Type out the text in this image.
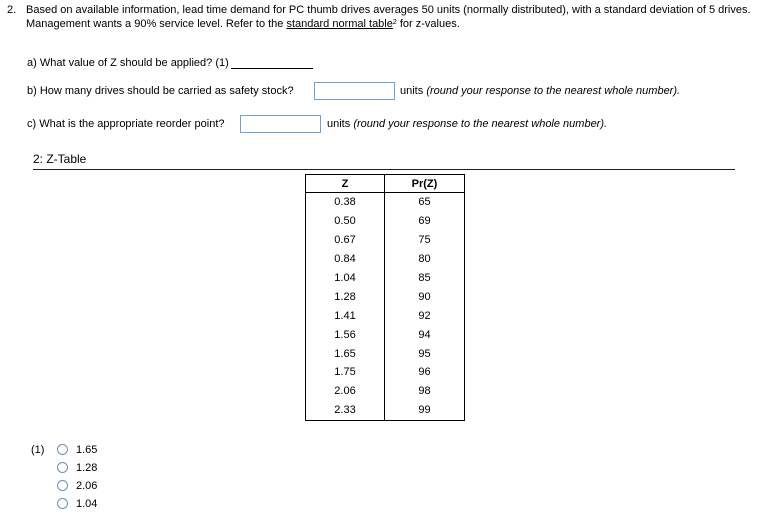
2. Based on available information, lead time demand for PC thumb drives averages 50 units (normally distributed), with a standard deviation of 5 drives. Management wants a 90% service level. Refer to the standard normal table$^2$ for z-values.
a) What value of Z should be applied? (1)
b) How many drives should be carried as safety stock?	units (round your response to the nearest whole number).
c) What is the appropriate reorder point?	units (round your response to the nearest whole number).
2: Z-Table
Z	Pr(Z)
0.38	65
0.50	69
0.67	75
0.84	80
1.04	85
1.28	90
1.41	92
1.56	94
1.65	95
1.75	96
2.06	98
2.33	99
(1)	1.65
1.28
2.06
1.04
